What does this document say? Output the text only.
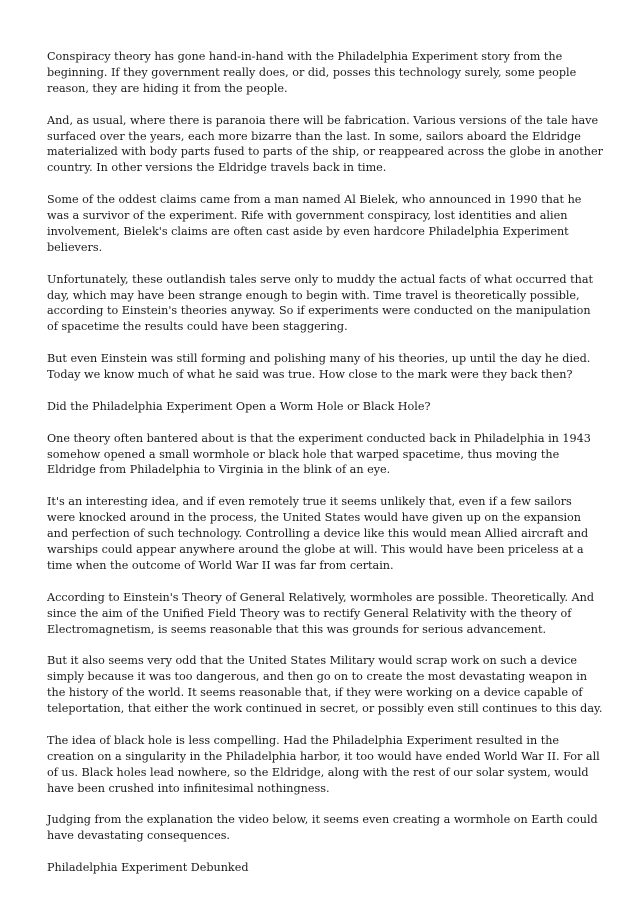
Conspiracy theory has gone hand-in-hand with the Philadelphia Experiment story from the beginning. If they government really does, or did, posses this technology surely, some people reason, they are hiding it from the people.

And, as usual, where there is paranoia there will be fabrication. Various versions of the tale have surfaced over the years, each more bizarre than the last. In some, sailors aboard the Eldridge materialized with body parts fused to parts of the ship, or reappeared across the globe in another country. In other versions the Eldridge travels back in time.

Some of the oddest claims came from a man named Al Bielek, who announced in 1990 that he was a survivor of the experiment. Rife with government conspiracy, lost identities and alien involvement, Bielek's claims are often cast aside by even hardcore Philadelphia Experiment believers.

Unfortunately, these outlandish tales serve only to muddy the actual facts of what occurred that day, which may have been strange enough to begin with. Time travel is theoretically possible, according to Einstein's theories anyway. So if experiments were conducted on the manipulation of spacetime the results could have been staggering.

But even Einstein was still forming and polishing many of his theories, up until the day he died. Today we know much of what he said was true. How close to the mark were they back then?

Did the Philadelphia Experiment Open a Worm Hole or Black Hole?

One theory often bantered about is that the experiment conducted back in Philadelphia in 1943 somehow opened a small wormhole or black hole that warped spacetime, thus moving the Eldridge from Philadelphia to Virginia in the blink of an eye.

It's an interesting idea, and if even remotely true it seems unlikely that, even if a few sailors were knocked around in the process, the United States would have given up on the expansion and perfection of such technology. Controlling a device like this would mean Allied aircraft and warships could appear anywhere around the globe at will. This would have been priceless at a time when the outcome of World War II was far from certain.

According to Einstein's Theory of General Relatively, wormholes are possible. Theoretically. And since the aim of the Unified Field Theory was to rectify General Relativity with the theory of Electromagnetism, is seems reasonable that this was grounds for serious advancement.

But it also seems very odd that the United States Military would scrap work on such a device simply because it was too dangerous, and then go on to create the most devastating weapon in the history of the world. It seems reasonable that, if they were working on a device capable of teleportation, that either the work continued in secret, or possibly even still continues to this day.

The idea of black hole is less compelling. Had the Philadelphia Experiment resulted in the creation on a singularity in the Philadelphia harbor, it too would have ended World War II. For all of us. Black holes lead nowhere, so the Eldridge, along with the rest of our solar system, would have been crushed into infinitesimal nothingness.

Judging from the explanation the video below, it seems even creating a wormhole on Earth could have devastating consequences.

Philadelphia Experiment Debunked
